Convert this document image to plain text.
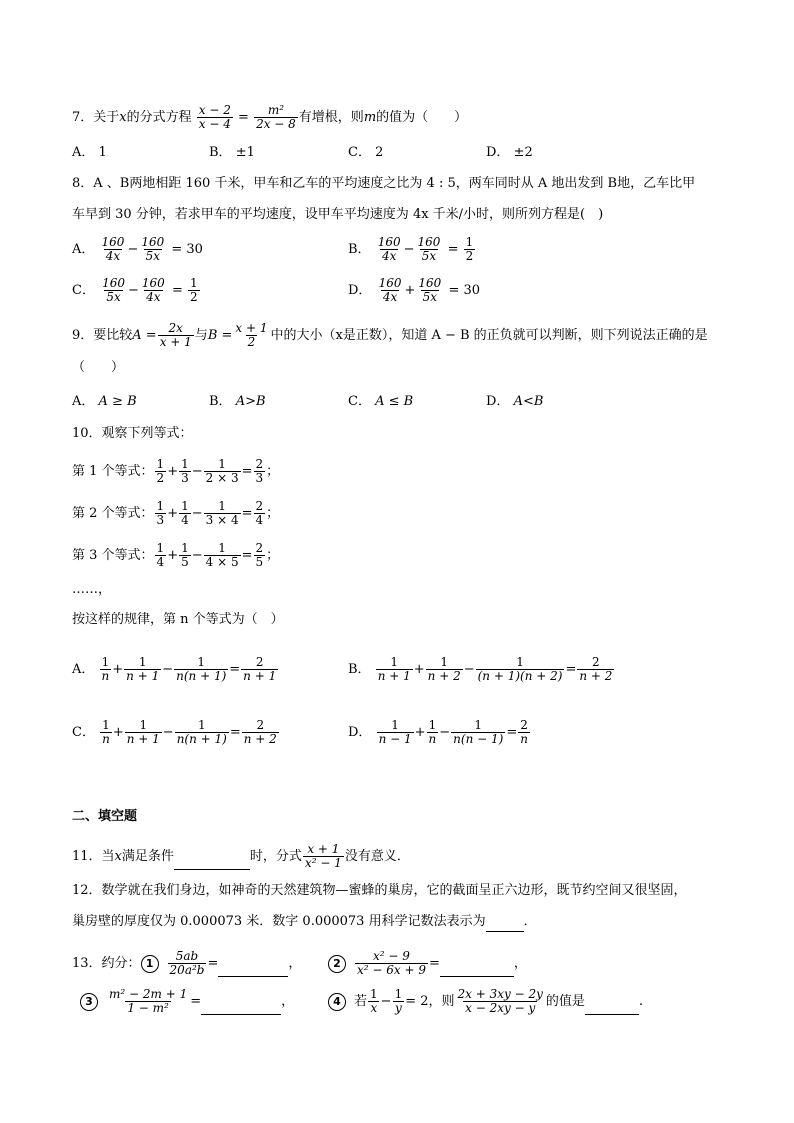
7．关于x的分式方程 $\frac{x - 2}{x - 4} = \frac{\text{m²}}{2x - 8}$ 有增根，则m的值为（　　）
A． 1	B． ±1	C． 2	D． ±2
8．A 、B两地相距 160 千米，甲车和乙车的平均速度之比为 4 : 5，两车同时从 A 地出发到 B地，乙车比甲
车早到 30 分钟，若求甲车的平均速度，设甲车平均速度为 4x 千米/小时，则所列方程是(　)
A． $\frac{160}{4x} - \frac{160}{5x} = 30$	B． $\frac{160}{4x} - \frac{160}{5x} = \frac{1}{2}$
C． $\frac{160}{5x} - \frac{160}{4x} = \frac{1}{2}$	D． $\frac{160}{4x} + \frac{160}{5x} = 30$
9．要比较$A = \frac{2x}{x + 1}$ 与$B = \frac{x + 1}{2}$ 中的大小（x是正数），知道 A − B 的正负就可以判断，则下列说法正确的是
（　　）
A． A ≥ B	B． A>B	C． A ≤ B	D． A<B
10．观察下列等式：
第 1 个等式： $\frac{1}{2} + \frac{1}{3} - \frac{1}{2 \times 3} = \frac{2}{3}$ ；
第 2 个等式： $\frac{1}{3} + \frac{1}{4} - \frac{1}{3 \times 4} = \frac{2}{4}$ ；
第 3 个等式： $\frac{1}{4} + \frac{1}{5} - \frac{1}{4 \times 5} = \frac{2}{5}$ ；
……，
按这样的规律，第 n 个等式为（　）
A． $\frac{1}{n} + \frac{1}{n + 1} - \frac{1}{n(n + 1)} = \frac{2}{n + 1}$	B． $\frac{1}{n + 1} + \frac{1}{n + 2} - \frac{1}{(n + 1)(n + 2)} = \frac{2}{n + 2}$
C． $\frac{1}{n} + \frac{1}{n + 1} - \frac{1}{n(n + 1)} = \frac{2}{n + 2}$	D． $\frac{1}{n - 1} + \frac{1}{n} - \frac{1}{n(n - 1)} = \frac{2}{n}$
二、填空题
11．当x满足条件	时，分式 $\frac{x + 1}{\text{x² − 1}}$ 没有意义．
12．数学就在我们身边，如神奇的天然建筑物—蜜蜂的巢房，它的截面呈正六边形，既节约空间又很坚固，
巢房壁的厚度仅为 0.000073 米．数字 0.000073 用科学记数法表示为	．
13．约分： $1 \frac{5ab}{\text{20a²b}}$ =	，	$2 \frac{\text{x² − 9}}{\text{x² − 6x + 9}}$ =	，
$3 \frac{\text{m² − 2m + 1}}{\text{1 − m²}}$ =	，	4 若 $\frac{1}{x} - \frac{1}{y} = 2$，则 $\frac{2x + 3xy - 2y}{x - 2xy - y}$ 的值是	.
